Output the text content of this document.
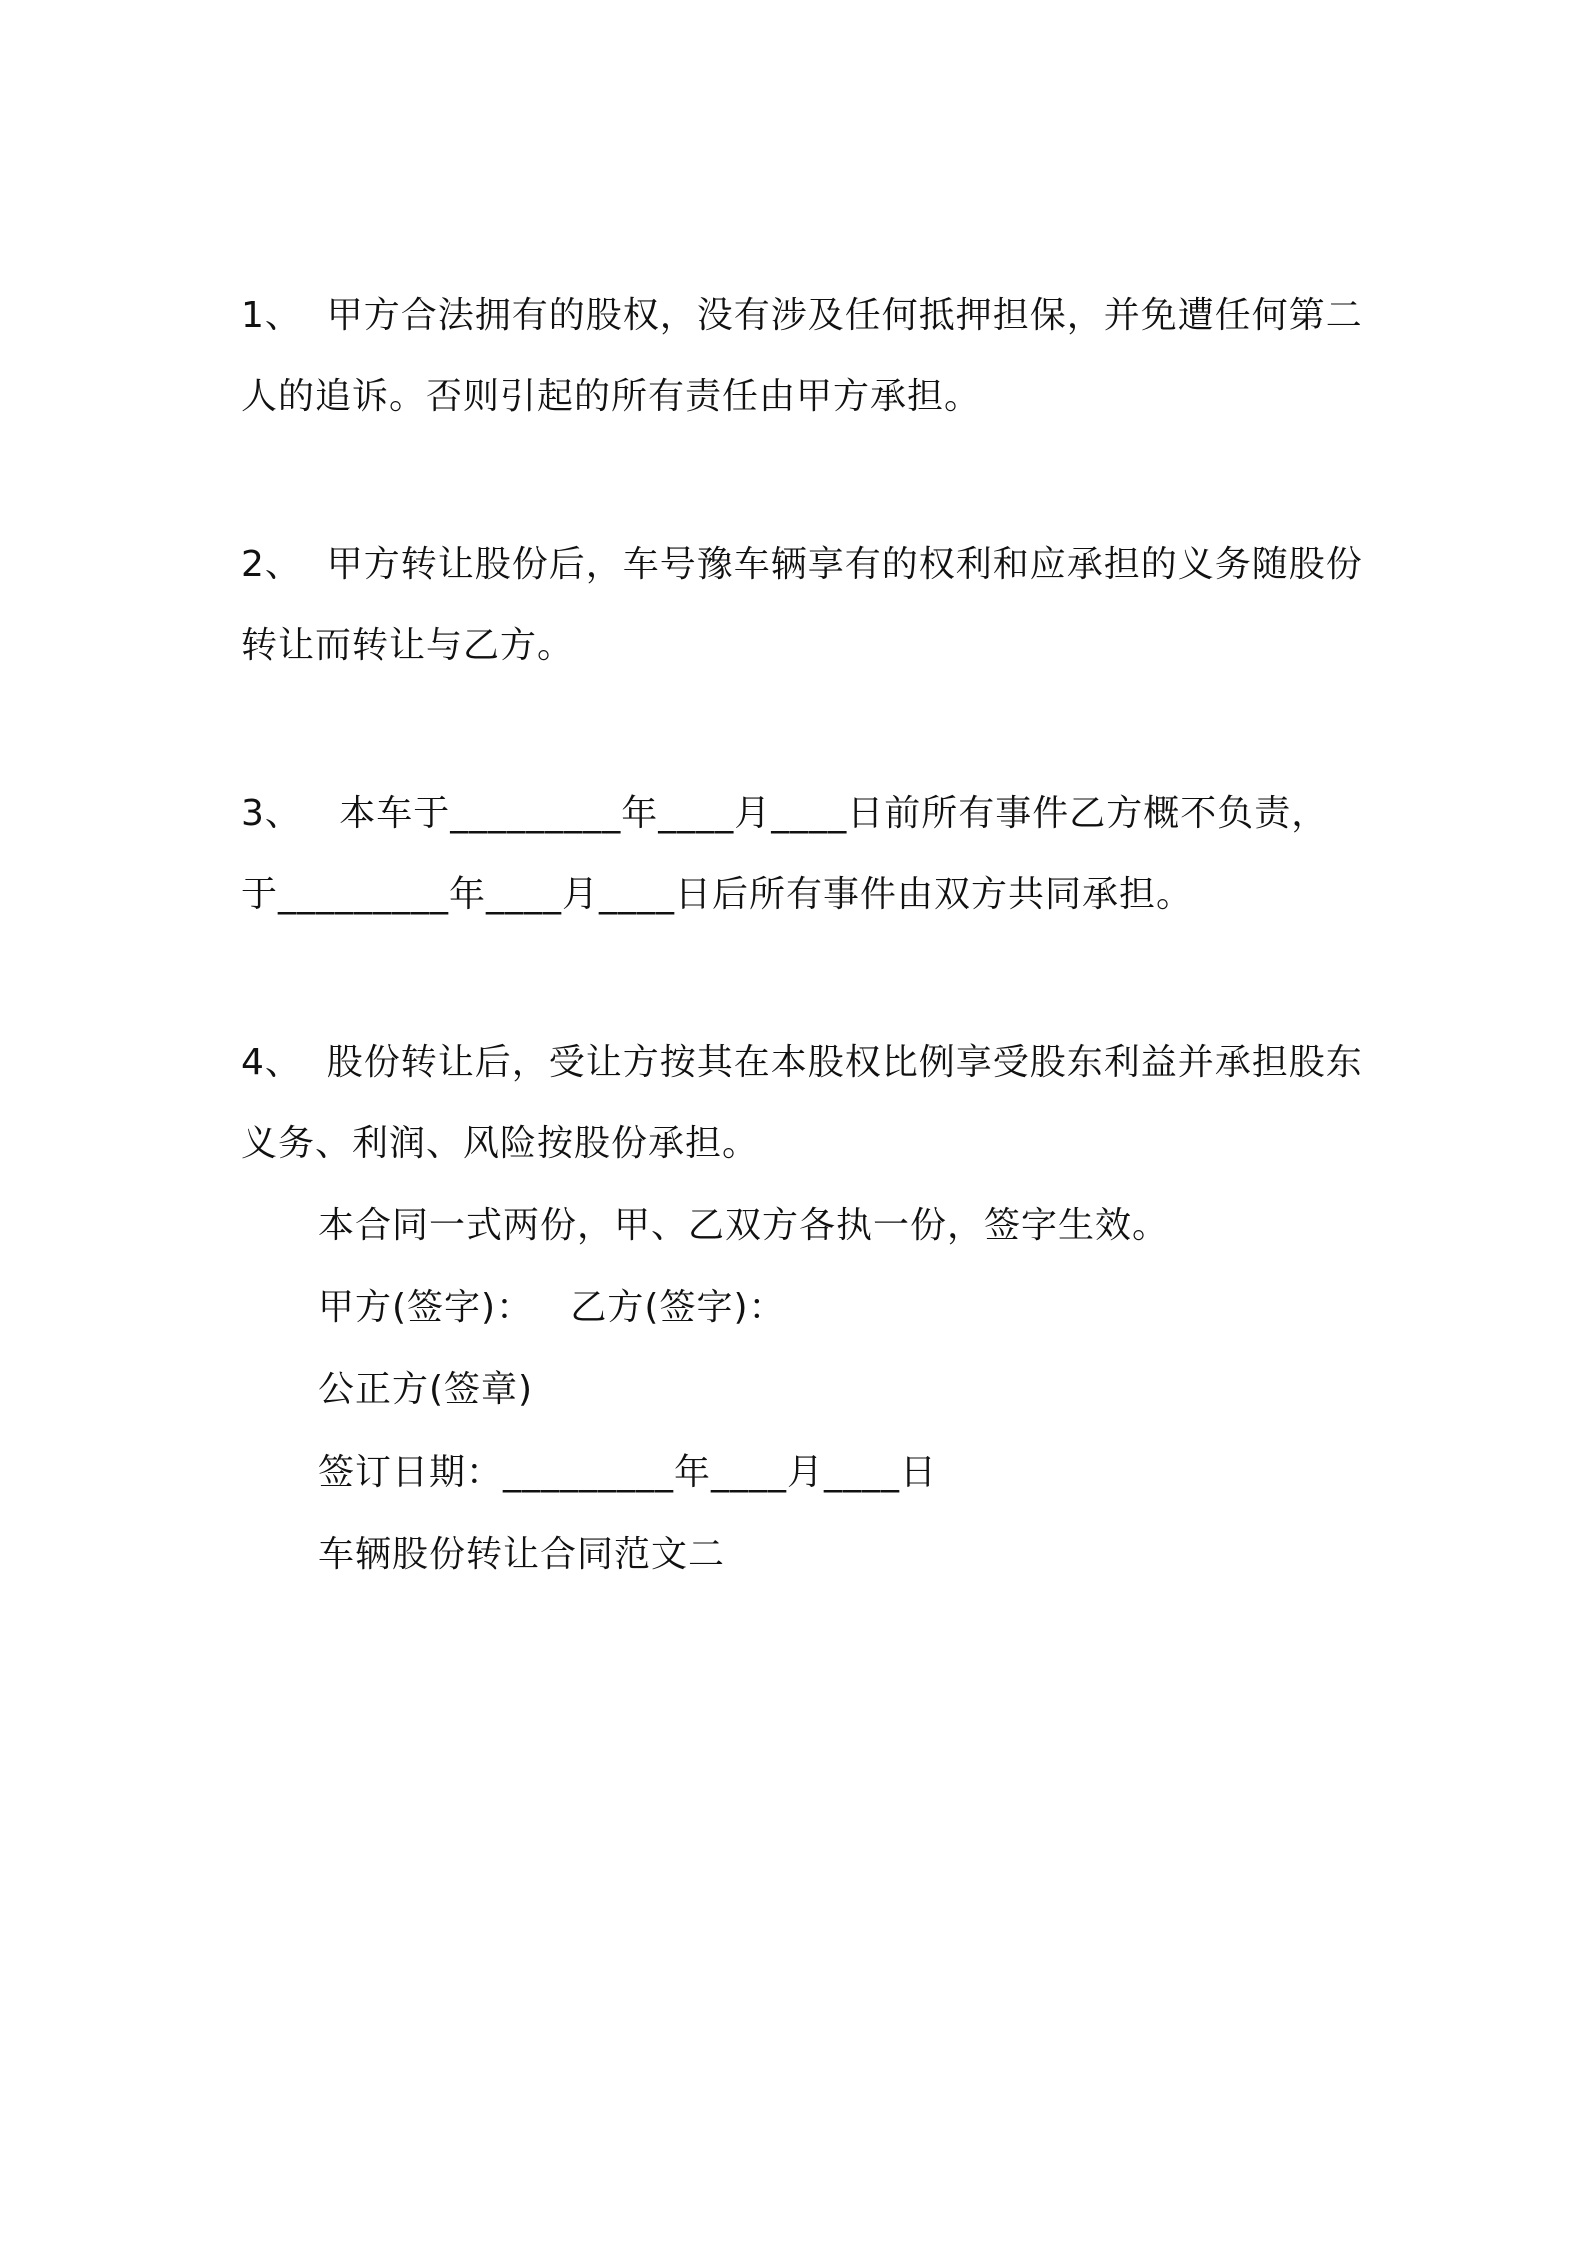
1、  甲方合法拥有的股权，没有涉及任何抵押担保，并免遭任何第二
人的追诉。否则引起的所有责任由甲方承担。
2、  甲方转让股份后，车号豫车辆享有的权利和应承担的义务随股份
转让而转让与乙方。
3、   本车于_________年____月____日前所有事件乙方概不负责，
于_________年____月____日后所有事件由双方共同承担。
4、  股份转让后，受让方按其在本股权比例享受股东利益并承担股东
义务、利润、风险按股份承担。
本合同一式两份，甲、乙双方各执一份，签字生效。
甲方(签字)：   乙方(签字)：
公正方(签章)
签订日期：_________年____月____日
车辆股份转让合同范文二
